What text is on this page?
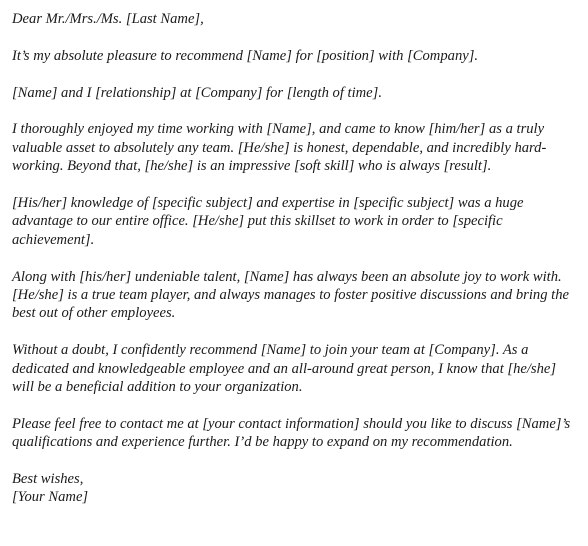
Dear Mr./Mrs./Ms. [Last Name],

It’s my absolute pleasure to recommend [Name] for [position] with [Company].

[Name] and I [relationship] at [Company] for [length of time].

I thoroughly enjoyed my time working with [Name], and came to know [him/her] as a truly valuable asset to absolutely any team. [He/she] is honest, dependable, and incredibly hard-working. Beyond that, [he/she] is an impressive [soft skill] who is always [result].

[His/her] knowledge of [specific subject] and expertise in [specific subject] was a huge advantage to our entire office. [He/she] put this skillset to work in order to [specific achievement].

Along with [his/her] undeniable talent, [Name] has always been an absolute joy to work with. [He/she] is a true team player, and always manages to foster positive discussions and bring the best out of other employees.

Without a doubt, I confidently recommend [Name] to join your team at [Company]. As a dedicated and knowledgeable employee and an all-around great person, I know that [he/she] will be a beneficial addition to your organization.

Please feel free to contact me at [your contact information] should you like to discuss [Name]’s qualifications and experience further. I’d be happy to expand on my recommendation.

Best wishes,
[Your Name]
